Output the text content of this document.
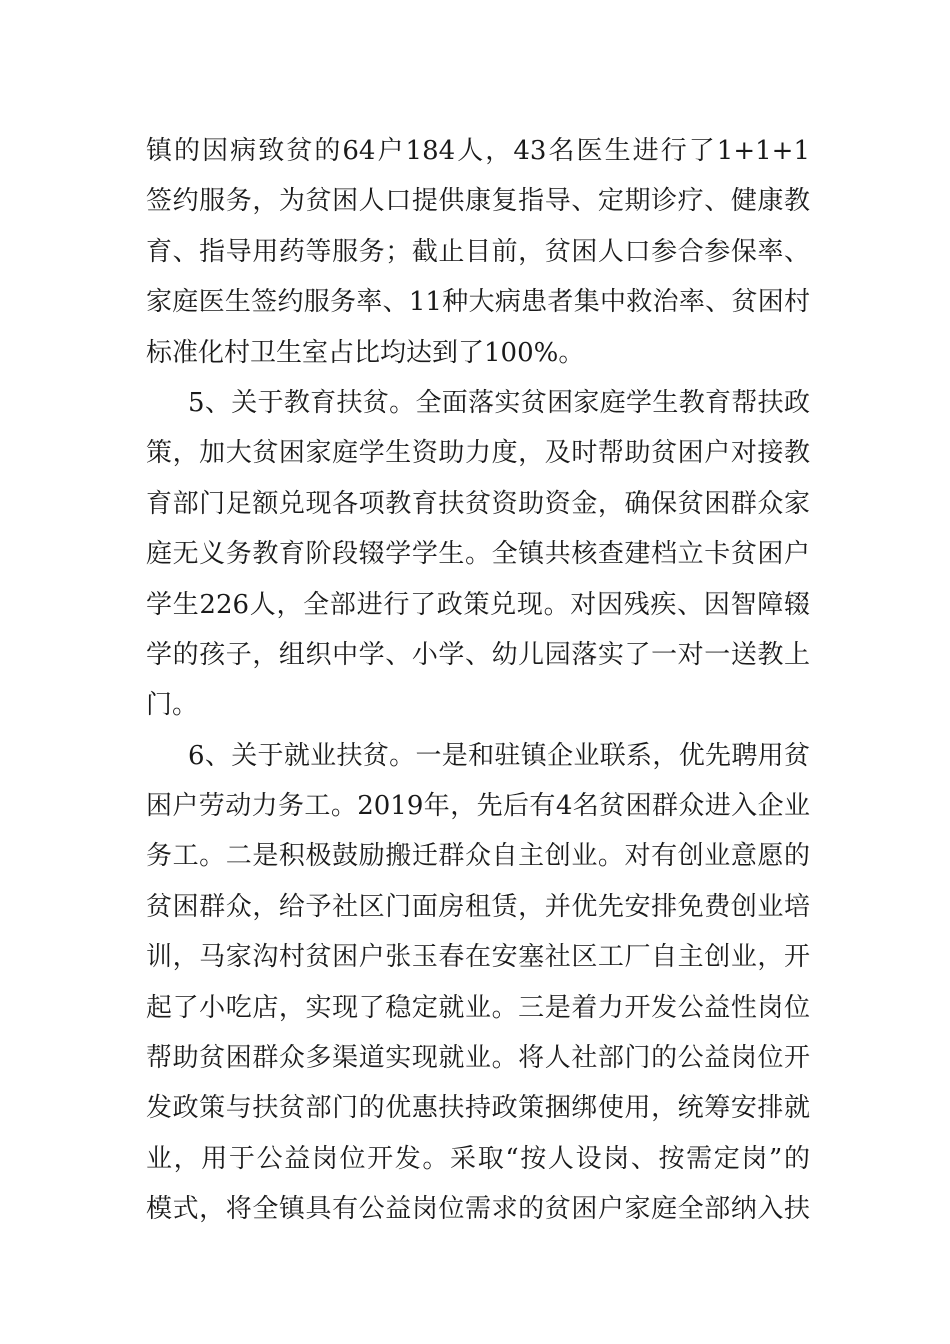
镇的因病致贫的64户184人，43名医生进行了1+1+1
签约服务，为贫困人口提供康复指导、定期诊疗、健康教
育、指导用药等服务；截止目前，贫困人口参合参保率、
家庭医生签约服务率、11种大病患者集中救治率、贫困村
标准化村卫生室占比均达到了100%。
5、关于教育扶贫。全面落实贫困家庭学生教育帮扶政
策，加大贫困家庭学生资助力度，及时帮助贫困户对接教
育部门足额兑现各项教育扶贫资助资金，确保贫困群众家
庭无义务教育阶段辍学学生。全镇共核查建档立卡贫困户
学生226人，全部进行了政策兑现。对因残疾、因智障辍
学的孩子，组织中学、小学、幼儿园落实了一对一送教上
门。
6、关于就业扶贫。一是和驻镇企业联系，优先聘用贫
困户劳动力务工。2019年，先后有4名贫困群众进入企业
务工。二是积极鼓励搬迁群众自主创业。对有创业意愿的
贫困群众，给予社区门面房租赁，并优先安排免费创业培
训，马家沟村贫困户张玉春在安塞社区工厂自主创业，开
起了小吃店，实现了稳定就业。三是着力开发公益性岗位
帮助贫困群众多渠道实现就业。将人社部门的公益岗位开
发政策与扶贫部门的优惠扶持政策捆绑使用，统筹安排就
业，用于公益岗位开发。采取“按人设岗、按需定岗”的
模式，将全镇具有公益岗位需求的贫困户家庭全部纳入扶
